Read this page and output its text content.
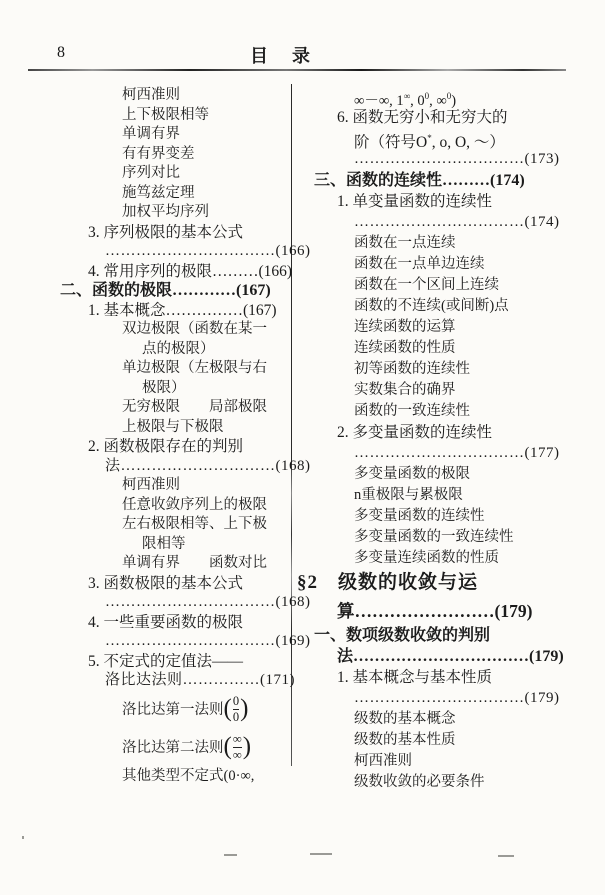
8	目录
柯西准则
上下极限相等
单调有界
有有界变差
序列对比
施笃兹定理
加权平均序列
3. 序列极限的基本公式
……………………………(166)
4. 常用序列的极限………(166)
二、函数的极限…………(167)
1. 基本概念……………(167)
双边极限（函数在某一
点的极限）
单边极限（左极限与右
极限）
无穷极限　　局部极限
上极限与下极限
2. 函数极限存在的判别
法…………………………(168)
柯西准则
任意收敛序列上的极限
左右极限相等、上下极
限相等
单调有界　　函数对比
3. 函数极限的基本公式
……………………………(168)
4. 一些重要函数的极限
……………………………(169)
5. 不定式的定值法——
洛比达法则……………(171)
洛比达第一法则( $\frac{0}{0}$ )
洛比达第二法则( $\frac{\infty}{\infty}$ )
其他类型不定式(0·∞,
∞－∞, 1∞, $0^0$, ∞$^0$)
6. 函数无穷小和无穷大的
阶（符号O*, o, O, ～）
……………………………(173)
三、函数的连续性………(174)
1. 单变量函数的连续性
……………………………(174)
函数在一点连续
函数在一点单边连续
函数在一个区间上连续
函数的不连续(或间断)点
连续函数的运算
连续函数的性质
初等函数的连续性
实数集合的确界
函数的一致连续性
2. 多变量函数的连续性
……………………………(177)
多变量函数的极限
n重极限与累极限
多变量函数的连续性
多变量函数的一致连续性
多变量连续函数的性质
§2　级数的收敛与运
算……………………(179)
一、数项级数收敛的判别
法……………………………(179)
1. 基本概念与基本性质
……………………………(179)
级数的基本概念
级数的基本性质
柯西准则
级数收敛的必要条件
